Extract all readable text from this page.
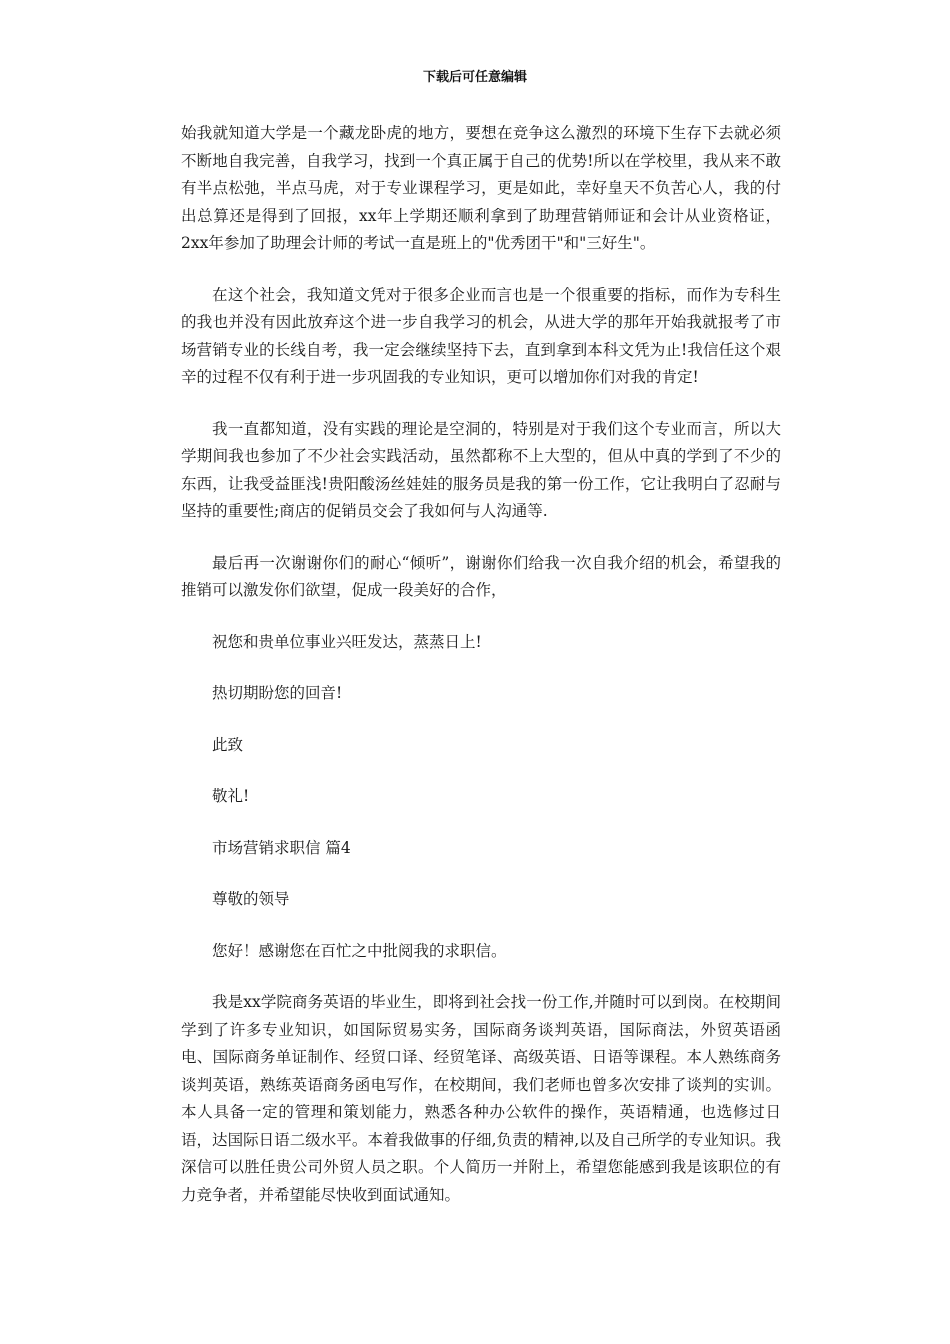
下载后可任意编辑

始我就知道大学是一个藏龙卧虎的地方，要想在竞争这么激烈的环境下生存下去就必须不断地自我完善，自我学习，找到一个真正属于自己的优势!所以在学校里，我从来不敢有半点松弛，半点马虎，对于专业课程学习，更是如此，幸好皇天不负苦心人，我的付出总算还是得到了回报，xx年上学期还顺利拿到了助理营销师证和会计从业资格证，2xx年参加了助理会计师的考试一直是班上的"优秀团干"和"三好生"。

在这个社会，我知道文凭对于很多企业而言也是一个很重要的指标，而作为专科生的我也并没有因此放弃这个进一步自我学习的机会，从进大学的那年开始我就报考了市场营销专业的长线自考，我一定会继续坚持下去，直到拿到本科文凭为止!我信任这个艰辛的过程不仅有利于进一步巩固我的专业知识，更可以增加你们对我的肯定!

我一直都知道，没有实践的理论是空洞的，特别是对于我们这个专业而言，所以大学期间我也参加了不少社会实践活动，虽然都称不上大型的，但从中真的学到了不少的东西，让我受益匪浅!贵阳酸汤丝娃娃的服务员是我的第一份工作，它让我明白了忍耐与坚持的重要性;商店的促销员交会了我如何与人沟通等.

最后再一次谢谢你们的耐心“倾听”，谢谢你们给我一次自我介绍的机会，希望我的推销可以激发你们欲望，促成一段美好的合作，

祝您和贵单位事业兴旺发达，蒸蒸日上!

热切期盼您的回音!

此致

敬礼!

市场营销求职信 篇4

尊敬的领导

您好！感谢您在百忙之中批阅我的求职信。

我是xx学院商务英语的毕业生，即将到社会找一份工作,并随时可以到岗。在校期间学到了许多专业知识，如国际贸易实务，国际商务谈判英语，国际商法，外贸英语函电、国际商务单证制作、经贸口译、经贸笔译、高级英语、日语等课程。本人熟练商务谈判英语，熟练英语商务函电写作，在校期间，我们老师也曾多次安排了谈判的实训。本人具备一定的管理和策划能力，熟悉各种办公软件的操作，英语精通，也选修过日语，达国际日语二级水平。本着我做事的仔细,负责的精神,以及自己所学的专业知识。我深信可以胜任贵公司外贸人员之职。个人简历一并附上，希望您能感到我是该职位的有力竞争者，并希望能尽快收到面试通知。
